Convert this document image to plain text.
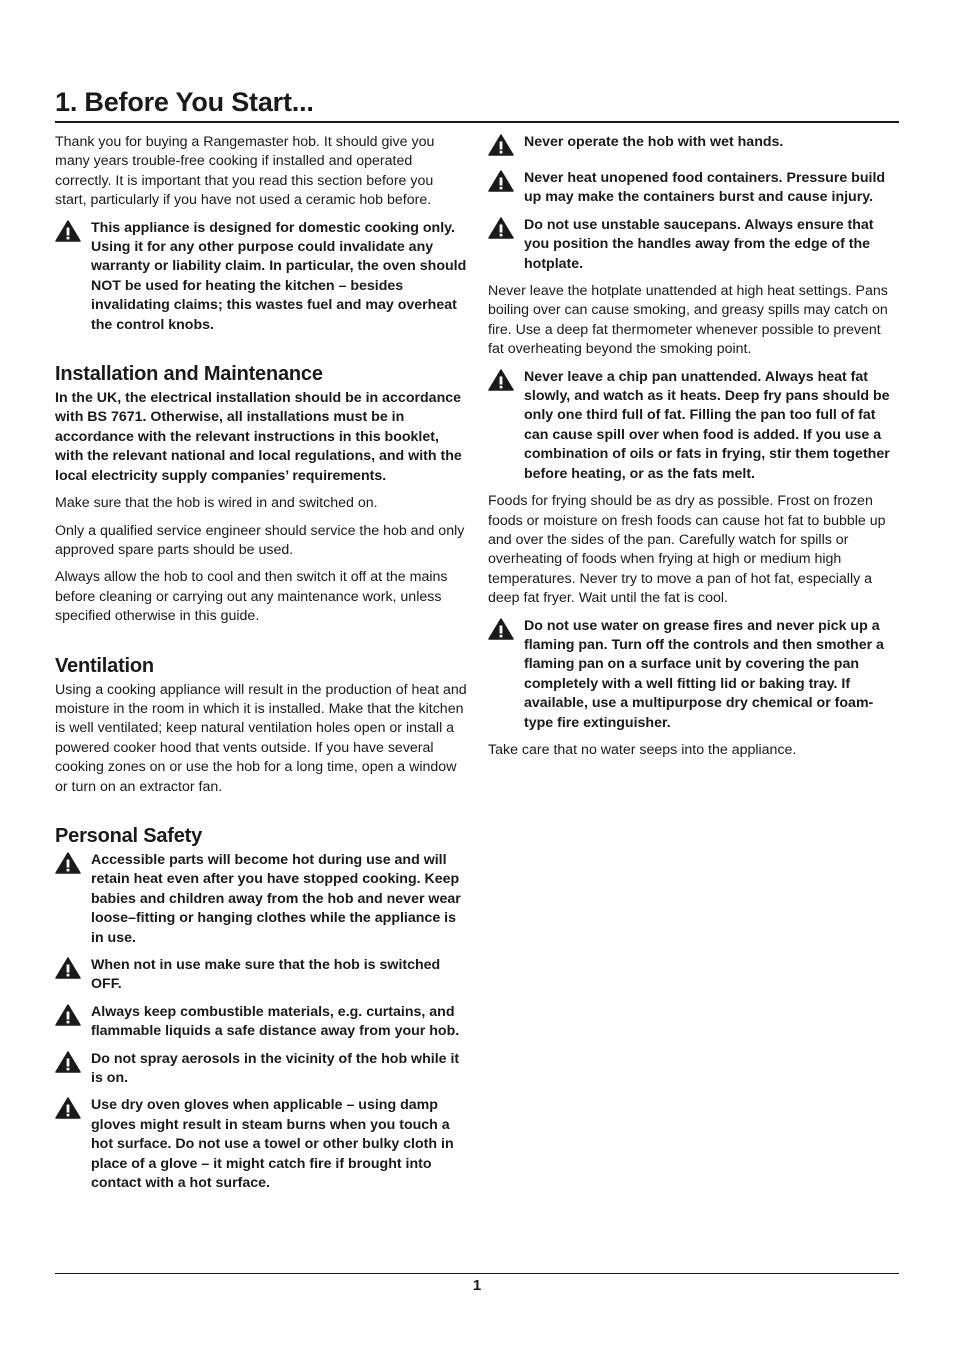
1. Before You Start...

Thank you for buying a Rangemaster hob. It should give you many years trouble-free cooking if installed and operated correctly. It is important that you read this section before you start, particularly if you have not used a ceramic hob before.

This appliance is designed for domestic cooking only. Using it for any other purpose could invalidate any warranty or liability claim. In particular, the oven should NOT be used for heating the kitchen – besides invalidating claims; this wastes fuel and may overheat the control knobs.
Installation and Maintenance

In the UK, the electrical installation should be in accordance with BS 7671. Otherwise, all installations must be in accordance with the relevant instructions in this booklet, with the relevant national and local regulations, and with the local electricity supply companies’ requirements.

Make sure that the hob is wired in and switched on.

Only a qualified service engineer should service the hob and only approved spare parts should be used.

Always allow the hob to cool and then switch it off at the mains before cleaning or carrying out any maintenance work, unless specified otherwise in this guide.

Ventilation

Using a cooking appliance will result in the production of heat and moisture in the room in which it is installed. Make that the kitchen is well ventilated; keep natural ventilation holes open or install a powered cooker hood that vents outside. If you have several cooking zones on or use the hob for a long time, open a window or turn on an extractor fan.

Personal Safety
Accessible parts will become hot during use and will retain heat even after you have stopped cooking. Keep babies and children away from the hob and never wear loose–fitting or hanging clothes while the appliance is in use.
When not in use make sure that the hob is switched OFF.
Always keep combustible materials, e.g. curtains, and flammable liquids a safe distance away from your hob.
Do not spray aerosols in the vicinity of the hob while it is on.
Use dry oven gloves when applicable – using damp gloves might result in steam burns when you touch a hot surface. Do not use a towel or other bulky cloth in place of a glove – it might catch fire if brought into contact with a hot surface.
Never operate the hob with wet hands.
Never heat unopened food containers. Pressure build up may make the containers burst and cause injury.
Do not use unstable saucepans. Always ensure that you position the handles away from the edge of the hotplate.

Never leave the hotplate unattended at high heat settings. Pans boiling over can cause smoking, and greasy spills may catch on fire. Use a deep fat thermometer whenever possible to prevent fat overheating beyond the smoking point.

Never leave a chip pan unattended. Always heat fat slowly, and watch as it heats. Deep fry pans should be only one third full of fat. Filling the pan too full of fat can cause spill over when food is added. If you use a combination of oils or fats in frying, stir them together before heating, or as the fats melt.

Foods for frying should be as dry as possible. Frost on frozen foods or moisture on fresh foods can cause hot fat to bubble up and over the sides of the pan. Carefully watch for spills or overheating of foods when frying at high or medium high temperatures. Never try to move a pan of hot fat, especially a deep fat fryer. Wait until the fat is cool.

Do not use water on grease fires and never pick up a flaming pan. Turn off the controls and then smother a flaming pan on a surface unit by covering the pan completely with a well fitting lid or baking tray. If available, use a multipurpose dry chemical or foam-type fire extinguisher.

Take care that no water seeps into the appliance.

1
